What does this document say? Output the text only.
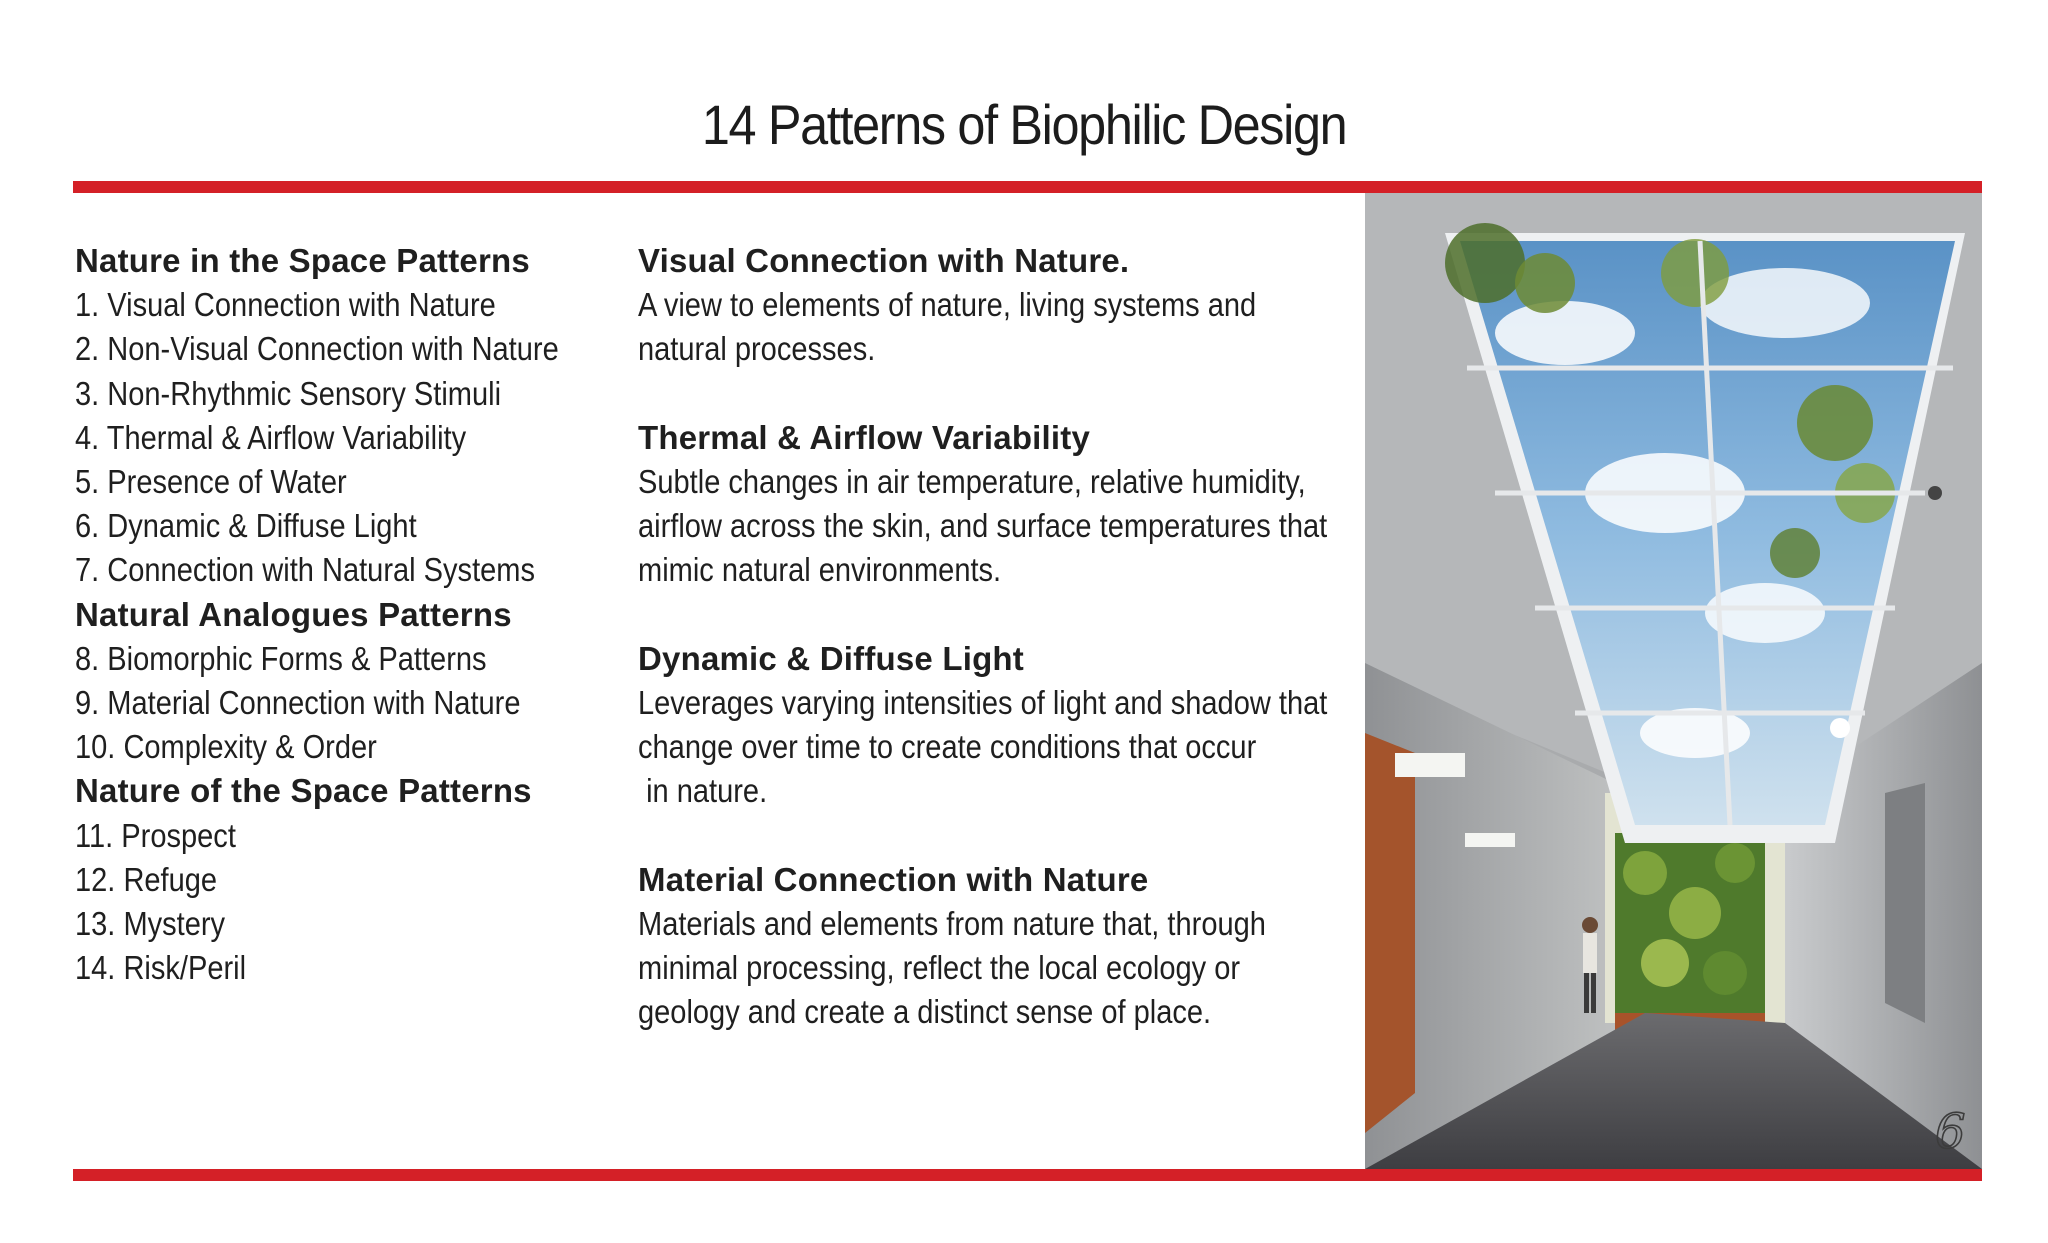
14 Patterns of Biophilic Design
Nature in the Space Patterns
1. Visual Connection with Nature
2. Non-Visual Connection with Nature
3. Non-Rhythmic Sensory Stimuli
4. Thermal & Airflow Variability
5. Presence of Water
6. Dynamic & Diffuse Light
7. Connection with Natural Systems
Natural Analogues Patterns
8. Biomorphic Forms & Patterns
9. Material Connection with Nature
10. Complexity & Order
Nature of the Space Patterns
11. Prospect
12. Refuge
13. Mystery
14. Risk/Peril
Visual Connection with Nature.
A view to elements of nature, living systems and
natural processes.
Thermal & Airflow Variability
Subtle changes in air temperature, relative humidity,
airflow across the skin, and surface temperatures that
mimic natural environments.
Dynamic & Diffuse Light
Leverages varying intensities of light and shadow that
change over time to create conditions that occur
in nature.
Material Connection with Nature
Materials and elements from nature that, through
minimal processing, reflect the local ecology or
geology and create a distinct sense of place.
6
